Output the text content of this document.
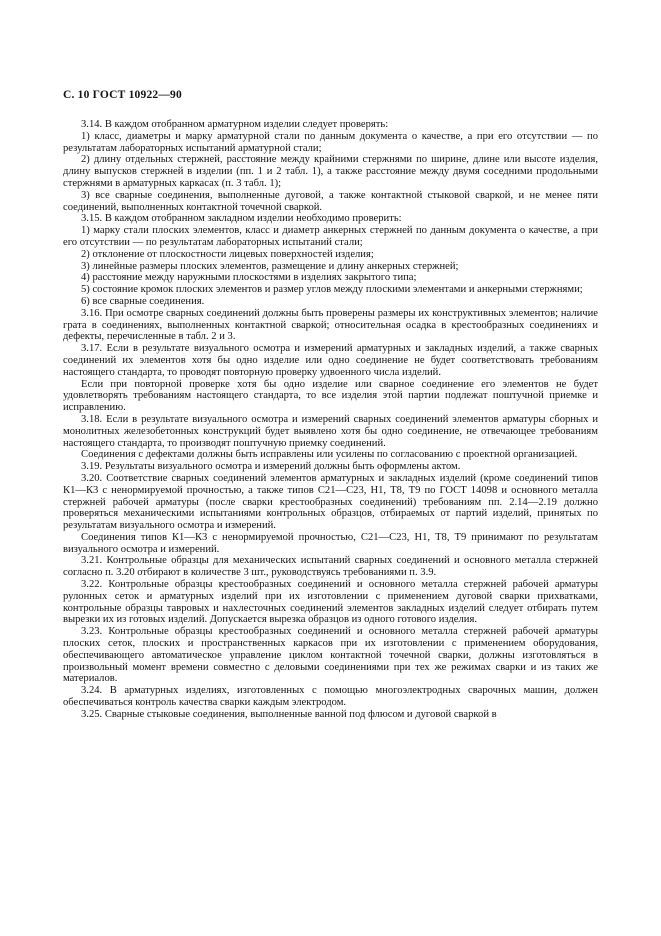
С. 10 ГОСТ 10922—90

3.14. В каждом отобранном арматурном изделии следует проверять:

1) класс, диаметры и марку арматурной стали по данным документа о качестве, а при его отсутствии — по результатам лабораторных испытаний арматурной стали;

2) длину отдельных стержней, расстояние между крайними стержнями по ширине, длине или высоте изделия, длину выпусков стержней в изделии (пп. 1 и 2 табл. 1), а также расстояние между двумя соседними продольными стержнями в арматурных каркасах (п. 3 табл. 1);

3) все сварные соединения, выполненные дуговой, а также контактной стыковой сваркой, и не менее пяти соединений, выполненных контактной точечной сваркой.

3.15. В каждом отобранном закладном изделии необходимо проверить:

1) марку стали плоских элементов, класс и диаметр анкерных стержней по данным документа о качестве, а при его отсутствии — по результатам лабораторных испытаний стали;

2) отклонение от плоскостности лицевых поверхностей изделия;

3) линейные размеры плоских элементов, размещение и длину анкерных стержней;

4) расстояние между наружными плоскостями в изделиях закрытого типа;

5) состояние кромок плоских элементов и размер углов между плоскими элементами и анкерными стержнями;

6) все сварные соединения.

3.16. При осмотре сварных соединений должны быть проверены размеры их конструктивных элементов; наличие грата в соединениях, выполненных контактной сваркой; относительная осадка в крестообразных соединениях и дефекты, перечисленные в табл. 2 и 3.

3.17. Если в результате визуального осмотра и измерений арматурных и закладных изделий, а также сварных соединений их элементов хотя бы одно изделие или одно соединение не будет соответствовать требованиям настоящего стандарта, то проводят повторную проверку удвоенного числа изделий.

Если при повторной проверке хотя бы одно изделие или сварное соединение его элементов не будет удовлетворять требованиям настоящего стандарта, то все изделия этой партии подлежат поштучной приемке и исправлению.

3.18. Если в результате визуального осмотра и измерений сварных соединений элементов арматуры сборных и монолитных железобетонных конструкций будет выявлено хотя бы одно соединение, не отвечающее требованиям настоящего стандарта, то производят поштучную приемку соединений.

Соединения с дефектами должны быть исправлены или усилены по согласованию с проектной организацией.

3.19. Результаты визуального осмотра и измерений должны быть оформлены актом.

3.20. Соответствие сварных соединений элементов арматурных и закладных изделий (кроме соединений типов К1—К3 с ненормируемой прочностью, а также типов С21—С23, Н1, Т8, Т9 по ГОСТ 14098 и основного металла стержней рабочей арматуры (после сварки крестообразных соединений) требованиям пп. 2.14—2.19 должно проверяться механическими испытаниями контрольных образцов, отбираемых от партий изделий, принятых по результатам визуального осмотра и измерений.

Соединения типов К1—К3 с ненормируемой прочностью, С21—С23, Н1, Т8, Т9 принимают по результатам визуального осмотра и измерений.

3.21. Контрольные образцы для механических испытаний сварных соединений и основного металла стержней согласно п. 3.20 отбирают в количестве 3 шт., руководствуясь требованиями п. 3.9.

3.22. Контрольные образцы крестообразных соединений и основного металла стержней рабочей арматуры рулонных сеток и арматурных изделий при их изготовлении с применением дуговой сварки прихватками, контрольные образцы тавровых и нахлесточных соединений элементов закладных изделий следует отбирать путем вырезки их из готовых изделий. Допускается вырезка образцов из одного готового изделия.

3.23. Контрольные образцы крестообразных соединений и основного металла стержней рабочей арматуры плоских сеток, плоских и пространственных каркасов при их изготовлении с применением оборудования, обеспечивающего автоматическое управление циклом контактной точечной сварки, должны изготовляться в произвольный момент времени совместно с деловыми соединениями при тех же режимах сварки и из таких же материалов.

3.24. В арматурных изделиях, изготовленных с помощью многоэлектродных сварочных машин, должен обеспечиваться контроль качества сварки каждым электродом.

3.25. Сварные стыковые соединения, выполненные ванной под флюсом и дуговой сваркой в
